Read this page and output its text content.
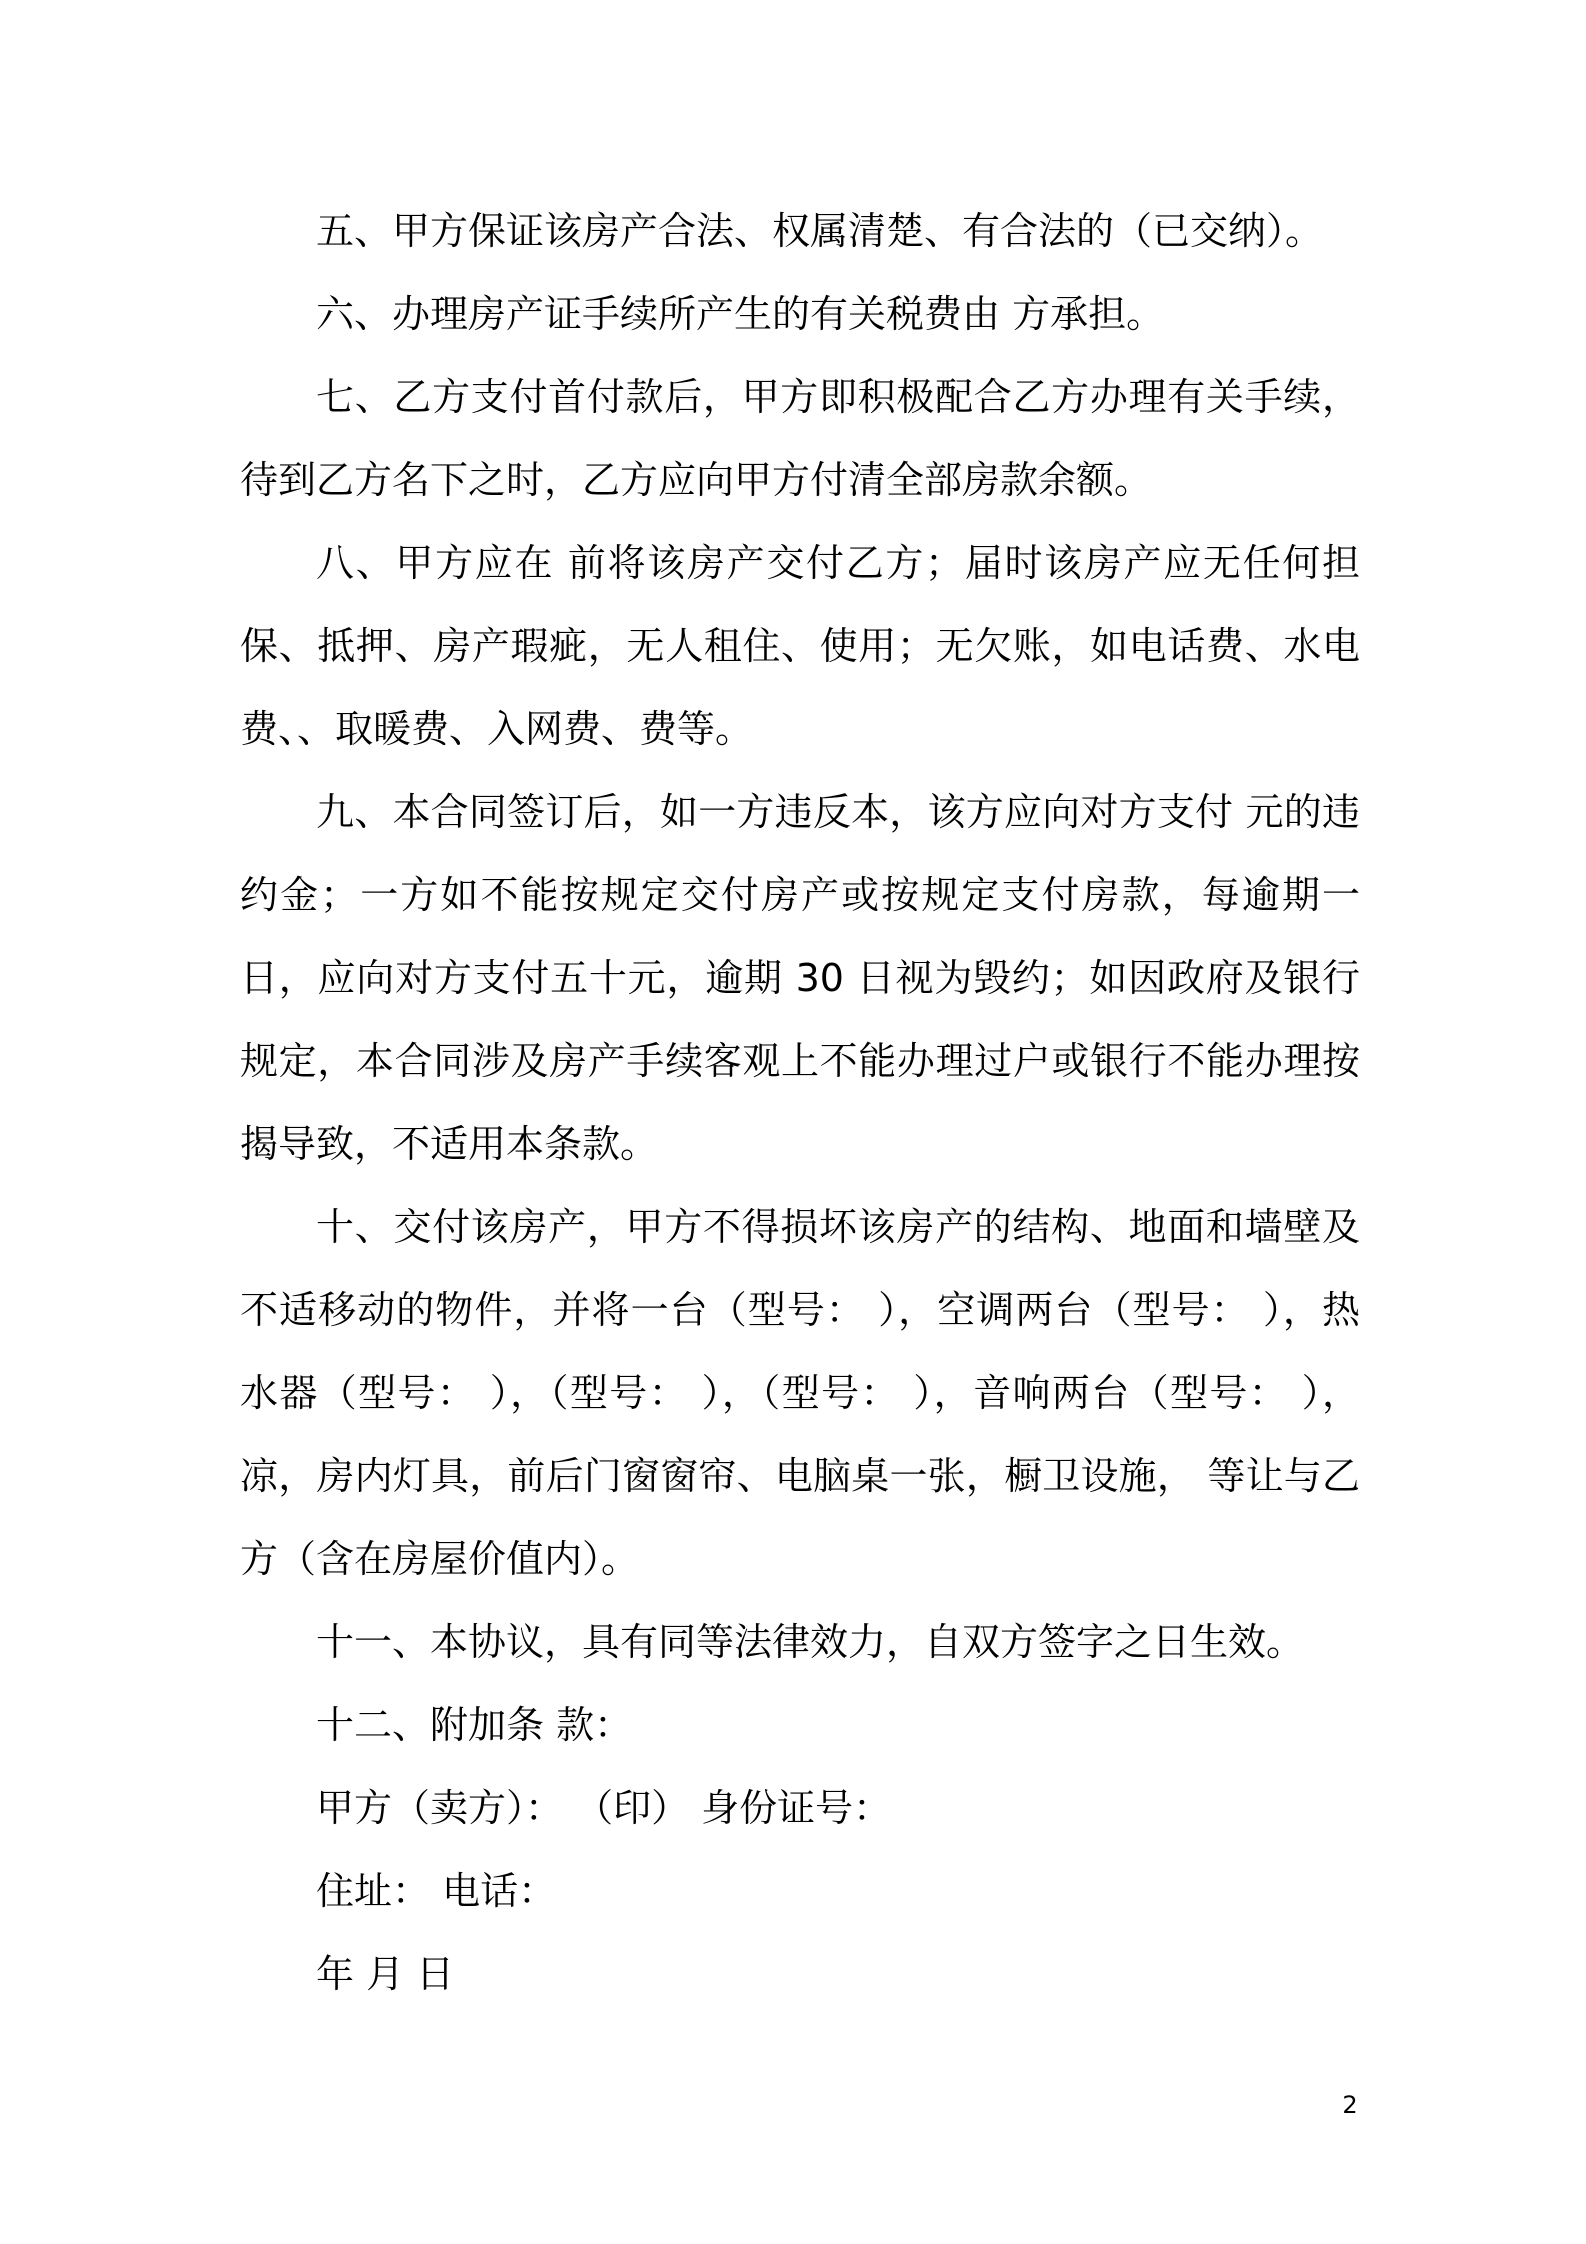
五、甲方保证该房产合法、权属清楚、有合法的（已交纳）。

六、办理房产证手续所产生的有关税费由 方承担。

七、乙方支付首付款后，甲方即积极配合乙方办理有关手续，待到乙方名下之时，乙方应向甲方付清全部房款余额。

八、甲方应在 前将该房产交付乙方；届时该房产应无任何担保、抵押、房产瑕疵，无人租住、使用；无欠账，如电话费、水电费、、取暖费、入网费、费等。

九、本合同签订后，如一方违反本，该方应向对方支付 元的违约金；一方如不能按规定交付房产或按规定支付房款，每逾期一日，应向对方支付五十元，逾期 30 日视为毁约；如因政府及银行规定，本合同涉及房产手续客观上不能办理过户或银行不能办理按揭导致，不适用本条款。

十、交付该房产，甲方不得损坏该房产的结构、地面和墙壁及不适移动的物件，并将一台（型号： ），空调两台（型号： ），热水器（型号： ），（型号： ），（型号： ），音响两台（型号： ），凉，房内灯具，前后门窗窗帘、电脑桌一张，橱卫设施， 等让与乙方（含在房屋价值内）。

十一、本协议，具有同等法律效力，自双方签字之日生效。

十二、附加条 款：

甲方（卖方）： （印） 身份证号：

住址： 电话：

年 月 日

2
